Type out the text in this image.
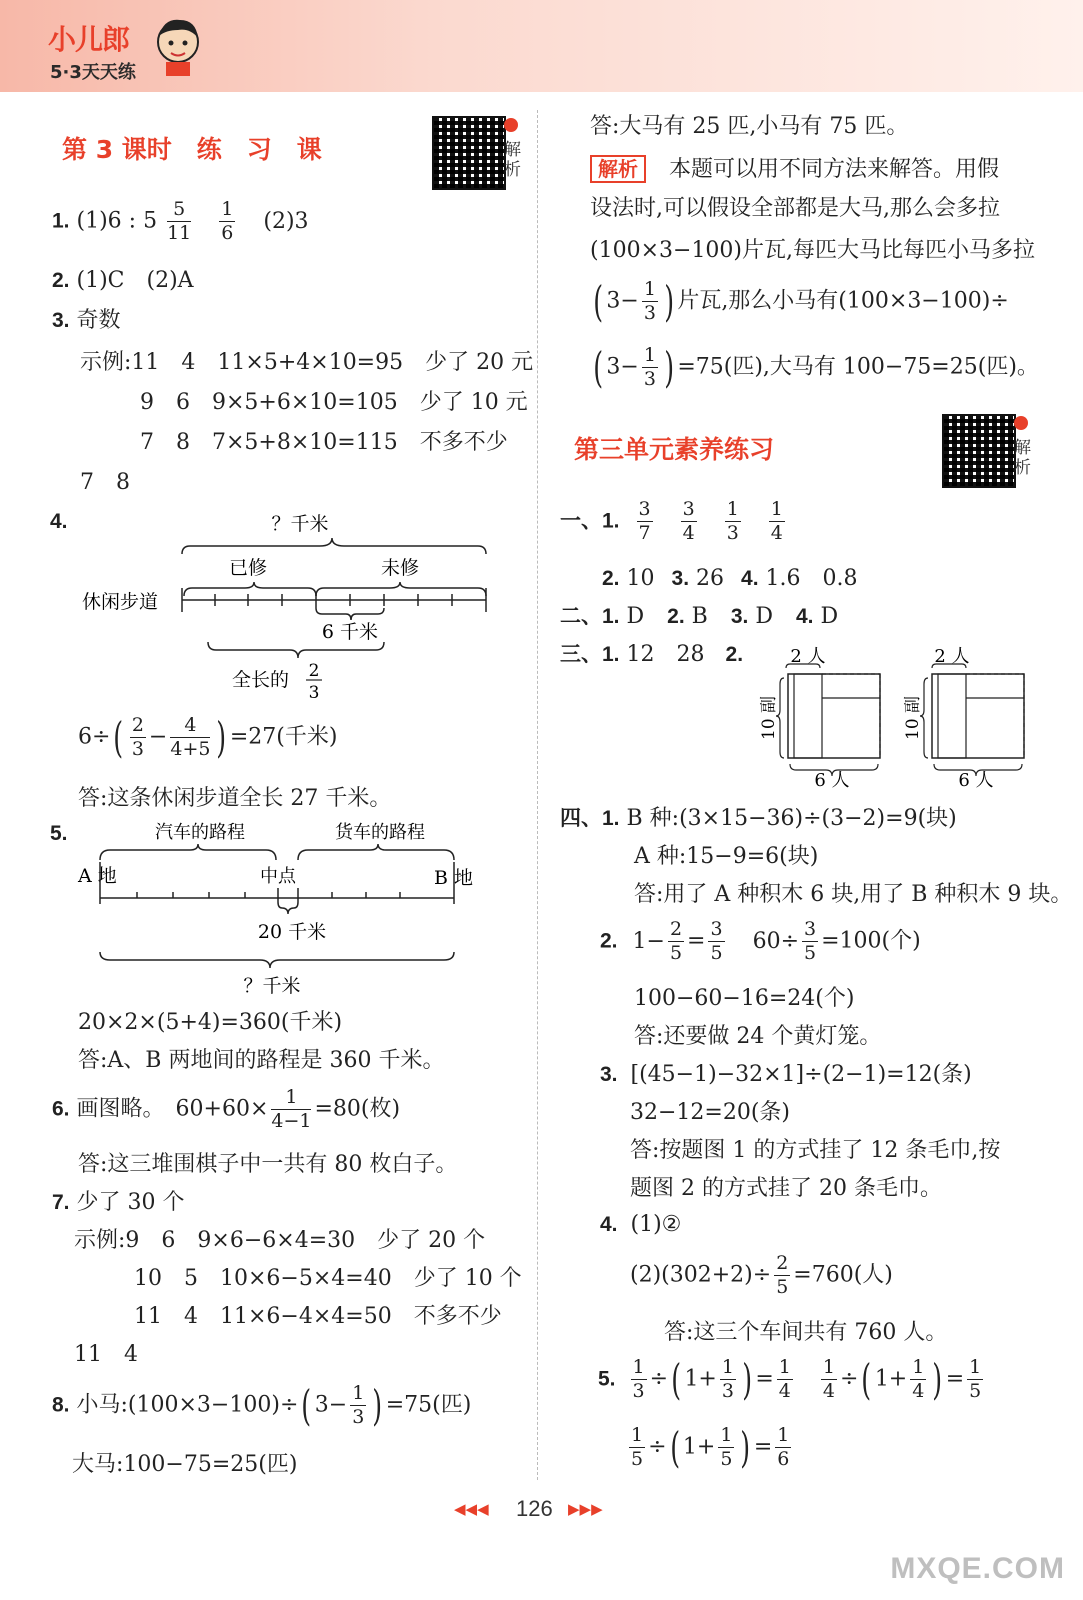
小儿郎
5·3天天练
第 3 课时　练　习　课	解析
1. (1)6 : $5 \frac{5}{11}$
$\frac{1}{6} (2)3$
2. (1)C　(2)A
3. 奇数
示例:11　4　11×5+4×10=95　少了 20 元
9　6　9×5+6×10=105　少了 10 元
7　8　7×5+8×10=115　不多不少
7　8
4.	？千米
已修	未修
休闲步道
6 千米
全长的 2
3
$6\div( \frac{2}{3} - \frac{4}{4+5}$ ) =27(千米)
答:这条休闲步道全长 27 千米。
5.	汽车的路程	货车的路程
A 地	中点	B 地
20 千米
？千米
20×2×(5+4)=360(千米)
答:A、B 两地间的路程是 360 千米。
6. 画图略。　$60+60\times \frac{1}{4-1} =80$(枚)
答:这三堆围棋子中一共有 80 枚白子。
7. 少了 30 个
示例:9　6　9×6−6×4=30　少了 20 个
10　5　10×6−5×4=40　少了 10 个
11　4　11×6−4×4=50　不多不少
11　4
8. 小马:(100×3−100)÷( $3- \frac{1}{3}$ ) =75(匹)
大马:100−75=25(匹)
答:大马有 25 匹,小马有 75 匹。
解析 本题可以用不同方法来解答。用假
设法时,可以假设全部都是大马,那么会多拉
(100×3−100)片瓦,每匹大马比每匹小马多拉
( $3- \frac{1}{3}$ ) 片瓦,那么小马有(100×3−100)÷
( $3- \frac{1}{3}$ ) =75(匹),大马有 100−75=25(匹)。
第三单元素养练习	解析
一、1. $\frac{3}{7}$
$\frac{3}{4}$
$\frac{1}{3}$
$\frac{1}{4}$
2. 10 3. 26 4. 1.6　0.8
二、1. D 2. B 3. D 4. D
三、1. 12　28 2.	2 人
10 副
6 人
2 人
10 副
6 人
四、1. B 种:(3×15−36)÷(3−2)=9(块)
A 种:15−9=6(块)
答:用了 A 种积木 6 块,用了 B 种积木 9 块。
2. $1- \frac{2}{5} = \frac{3}{5} 60\div \frac{3}{5} =100$(个)
100−60−16=24(个)
答:还要做 24 个黄灯笼。
3. [(45−1)−32×1]÷(2−1)=12(条)
32−12=20(条)
答:按题图 1 的方式挂了 12 条毛巾,按
题图 2 的方式挂了 20 条毛巾。
4. (1)②
$(2)(302+2)\div \frac{2}{5} =760$(人)
答:这三个车间共有 760 人。
5. $\frac{1}{3}$ ÷( $1+ \frac{1}{3}$ ) = $\frac{1}{4}$
$\frac{1}{4}$ ÷( $1+ \frac{1}{4}$ ) = $\frac{1}{5}$
$\frac{1}{5}$ ÷( $1+ \frac{1}{5}$ ) = $\frac{1}{6}$
◀◀◀ 126 ▶▶▶
MXQE.COM
